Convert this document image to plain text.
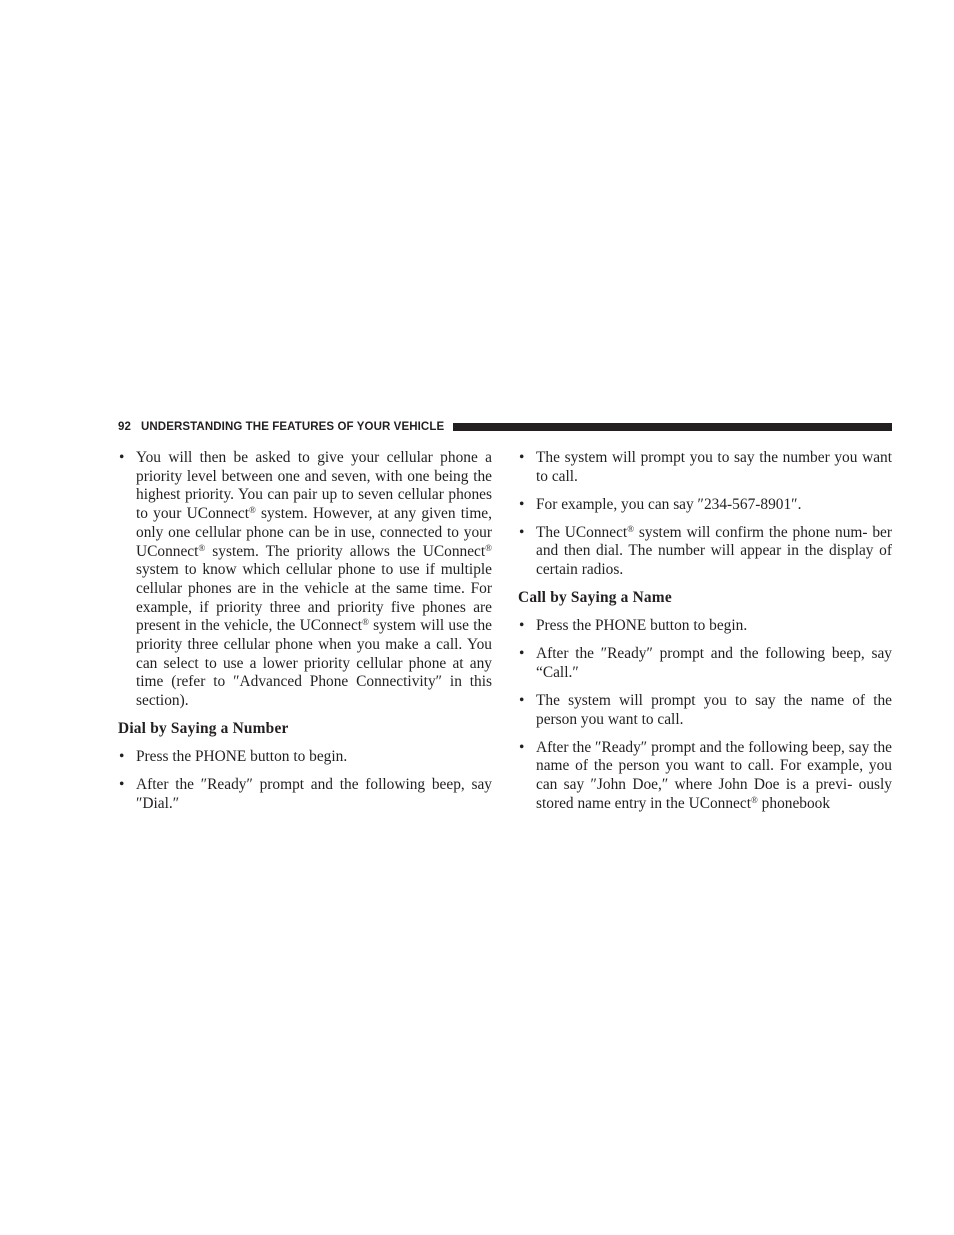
92 UNDERSTANDING THE FEATURES OF YOUR VEHICLE
• You will then be asked to give your cellular phone a priority level between one and seven, with one being the highest priority. You can pair up to seven cellular phones to your UConnect® system. However, at any given time, only one cellular phone can be in use, connected to your UConnect® system. The priority allows the UConnect® system to know which cellular phone to use if multiple cellular phones are in the vehicle at the same time. For example, if priority three and priority five phones are present in the vehicle, the UConnect® system will use the priority three cellular phone when you make a call. You can select to use a lower priority cellular phone at any time (refer to ″Advanced Phone Connectivity″ in this section).
Dial by Saying a Number
• Press the PHONE button to begin.
• After the ″Ready″ prompt and the following beep, say ″Dial.″
• The system will prompt you to say the number you want to call.
• For example, you can say ″234-567-8901″.
• The UConnect® system will confirm the phone num- ber and then dial. The number will appear in the display of certain radios.
Call by Saying a Name
• Press the PHONE button to begin.
• After the ″Ready″ prompt and the following beep, say “Call.″
• The system will prompt you to say the name of the person you want to call.
• After the ″Ready″ prompt and the following beep, say the name of the person you want to call. For example, you can say ″John Doe,″ where John Doe is a previ- ously stored name entry in the UConnect® phonebook
